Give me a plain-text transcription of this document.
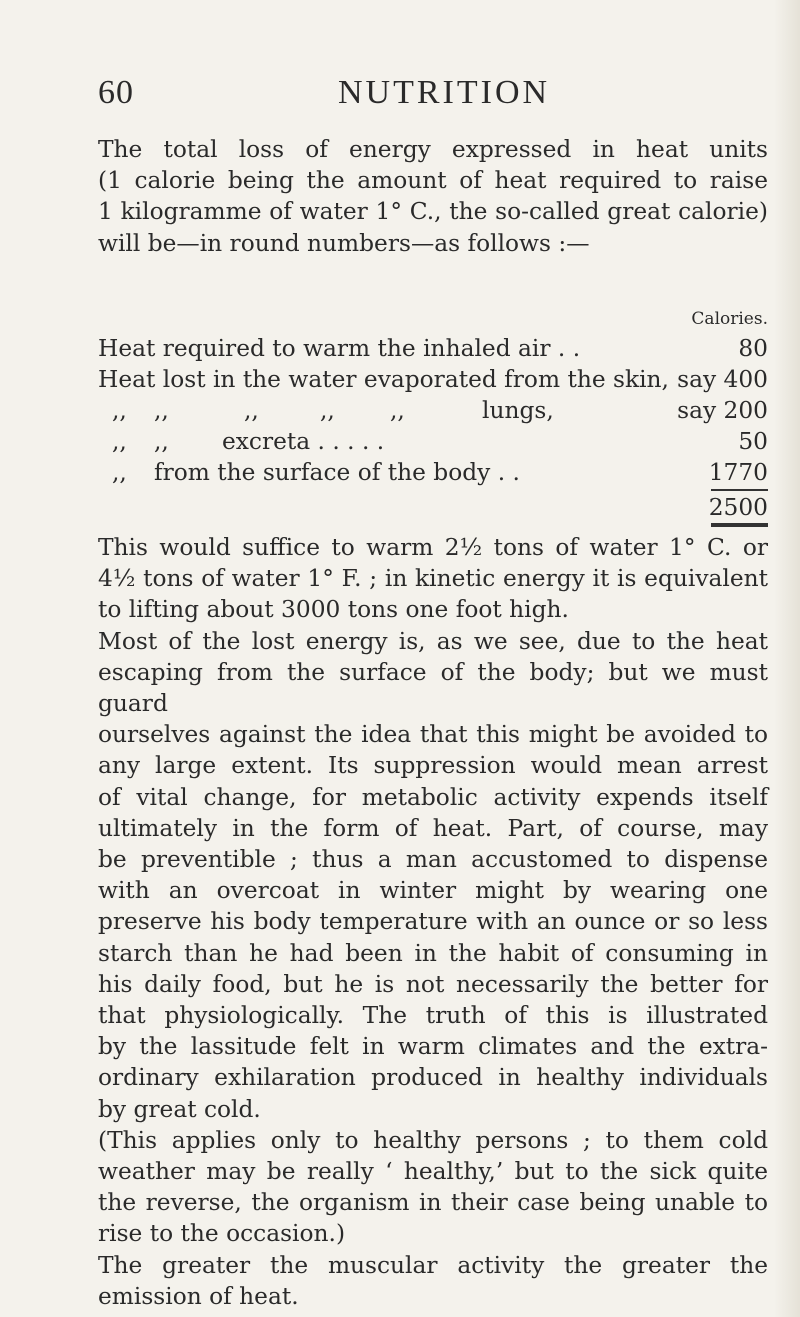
60	NUTRITION

The total loss of energy expressed in heat units

(1 calorie being the amount of heat required to raise

1 kilogramme of water 1° C., the so-called great calorie)

will be—in round numbers—as follows :—

Calories.
Heat required to warm the inhaled air . .	80
Heat lost in the water evaporated from the skin, say 400
,, ,,	,,	,, ,,	lungs,	say 200
,, ,, excreta . . . . .	50
,, from the surface of the body . .	1770
2500

This would suffice to warm 2½ tons of water 1° C. or

4½ tons of water 1° F. ; in kinetic energy it is equivalent

to lifting about 3000 tons one foot high.

Most of the lost energy is, as we see, due to the heat

escaping from the surface of the body; but we must guard

ourselves against the idea that this might be avoided to

any large extent. Its suppression would mean arrest

of vital change, for metabolic activity expends itself

ultimately in the form of heat. Part, of course, may

be preventible ; thus a man accustomed to dispense

with an overcoat in winter might by wearing one

preserve his body temperature with an ounce or so less

starch than he had been in the habit of consuming in

his daily food, but he is not necessarily the better for

that physiologically. The truth of this is illustrated

by the lassitude felt in warm climates and the extra-

ordinary exhilaration produced in healthy individuals

by great cold.

(This applies only to healthy persons ; to them cold

weather may be really ‘ healthy,’ but to the sick quite

the reverse, the organism in their case being unable to

rise to the occasion.)

The greater the muscular activity the greater the

emission of heat.
